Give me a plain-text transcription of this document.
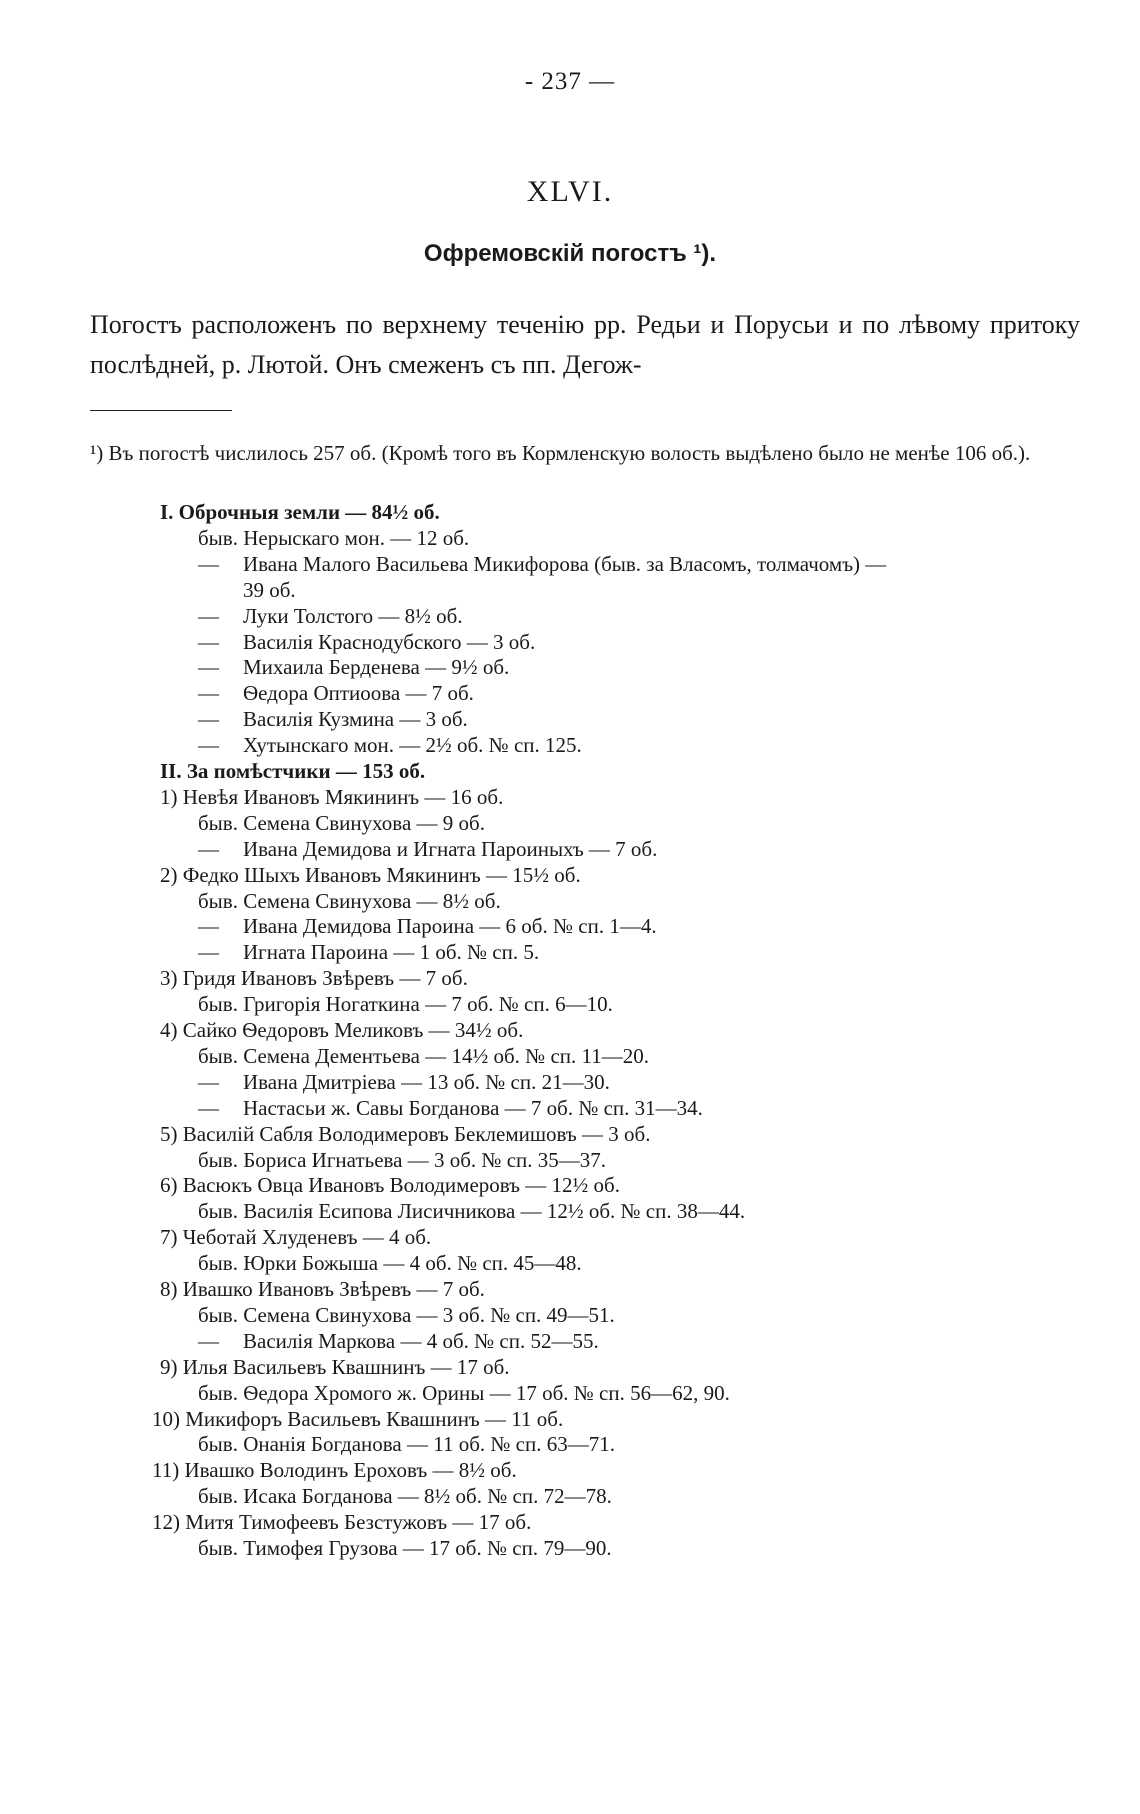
- 237 —
XLVI.
Офремовскій погостъ ¹).

Погостъ расположенъ по верхнему теченію рр. Редьи и Порусьи и по лѣвому притоку послѣдней, р. Лютой. Онъ смеженъ съ пп. Дегож-

¹) Въ погостѣ числилось 257 об. (Кромѣ того въ Кормленскую волость выдѣлено было не менѣе 106 об.).

I. Оброчныя земли — 84½ об.
быв. Нерыскаго мон. — 12 об.
— Ивана Малого Васильева Микифорова (быв. за Власомъ, толмачомъ) —
39 об.
— Луки Толстого — 8½ об.
— Василія Краснодубского — 3 об.
— Михаила Берденева — 9½ об.
— Ѳедора Оптиоова — 7 об.
— Василія Кузмина — 3 об.
— Хутынскаго мон. — 2½ об. № сп. 125.
II. За помѣстчики — 153 об.
1) Невѣя Ивановъ Мякининъ — 16 об.
быв. Семена Свинухова — 9 об.
— Ивана Демидова и Игната Пароиныхъ — 7 об.
2) Федко Шыхъ Ивановъ Мякининъ — 15½ об.
быв. Семена Свинухова — 8½ об.
— Ивана Демидова Пароина — 6 об. № сп. 1—4.
— Игната Пароина — 1 об. № сп. 5.
3) Гридя Ивановъ Звѣревъ — 7 об.
быв. Григорія Ногаткина — 7 об. № сп. 6—10.
4) Сайко Ѳедоровъ Меликовъ — 34½ об.
быв. Семена Дементьева — 14½ об. № сп. 11—20.
— Ивана Дмитріева — 13 об. № сп. 21—30.
— Настасьи ж. Савы Богданова — 7 об. № сп. 31—34.
5) Василій Сабля Володимеровъ Беклемишовъ — 3 об.
быв. Бориса Игнатьева — 3 об. № сп. 35—37.
6) Васюкъ Овца Ивановъ Володимеровъ — 12½ об.
быв. Василія Есипова Лисичникова — 12½ об. № сп. 38—44.
7) Чеботай Хлуденевъ — 4 об.
быв. Юрки Божыша — 4 об. № сп. 45—48.
8) Ивашко Ивановъ Звѣревъ — 7 об.
быв. Семена Свинухова — 3 об. № сп. 49—51.
— Василія Маркова — 4 об. № сп. 52—55.
9) Илья Васильевъ Квашнинъ — 17 об.
быв. Ѳедора Хромого ж. Орины — 17 об. № сп. 56—62, 90.
10) Микифоръ Васильевъ Квашнинъ — 11 об.
быв. Онанія Богданова — 11 об. № сп. 63—71.
11) Ивашко Володинъ Ероховъ — 8½ об.
быв. Исака Богданова — 8½ об. № сп. 72—78.
12) Митя Тимофеевъ Безстужовъ — 17 об.
быв. Тимофея Грузова — 17 об. № сп. 79—90.
